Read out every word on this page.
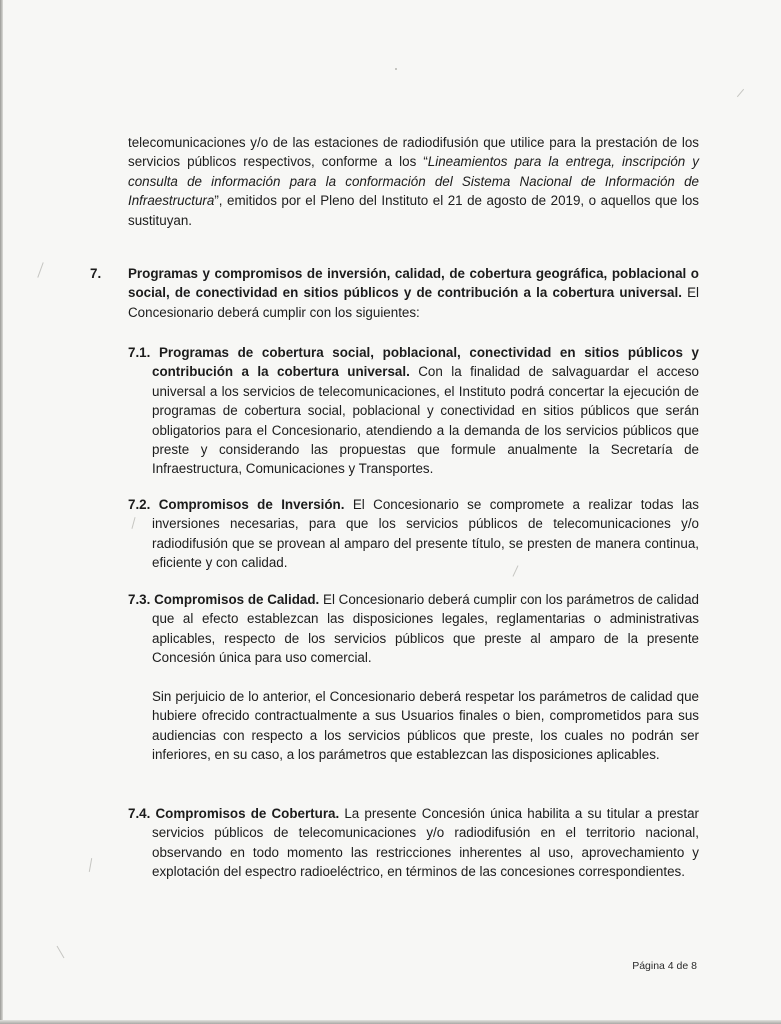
telecomunicaciones y/o de las estaciones de radiodifusión que utilice para la prestación de los servicios públicos respectivos, conforme a los “Lineamientos para la entrega, inscripción y consulta de información para la conformación del Sistema Nacional de Información de Infraestructura”, emitidos por el Pleno del Instituto el 21 de agosto de 2019, o aquellos que los sustituyan.

7. Programas y compromisos de inversión, calidad, de cobertura geográfica, poblacional o social, de conectividad en sitios públicos y de contribución a la cobertura universal. El Concesionario deberá cumplir con los siguientes:

7.1. Programas de cobertura social, poblacional, conectividad en sitios públicos y contribución a la cobertura universal. Con la finalidad de salvaguardar el acceso universal a los servicios de telecomunicaciones, el Instituto podrá concertar la ejecución de programas de cobertura social, poblacional y conectividad en sitios públicos que serán obligatorios para el Concesionario, atendiendo a la demanda de los servicios públicos que preste y considerando las propuestas que formule anualmente la Secretaría de Infraestructura, Comunicaciones y Transportes.

7.2. Compromisos de Inversión. El Concesionario se compromete a realizar todas las inversiones necesarias, para que los servicios públicos de telecomunicaciones y/o radiodifusión que se provean al amparo del presente título, se presten de manera continua, eficiente y con calidad.

7.3. Compromisos de Calidad. El Concesionario deberá cumplir con los parámetros de calidad que al efecto establezcan las disposiciones legales, reglamentarias o administrativas aplicables, respecto de los servicios públicos que preste al amparo de la presente Concesión única para uso comercial.

Sin perjuicio de lo anterior, el Concesionario deberá respetar los parámetros de calidad que hubiere ofrecido contractualmente a sus Usuarios finales o bien, comprometidos para sus audiencias con respecto a los servicios públicos que preste, los cuales no podrán ser inferiores, en su caso, a los parámetros que establezcan las disposiciones aplicables.

7.4. Compromisos de Cobertura. La presente Concesión única habilita a su titular a prestar servicios públicos de telecomunicaciones y/o radiodifusión en el territorio nacional, observando en todo momento las restricciones inherentes al uso, aprovechamiento y explotación del espectro radioeléctrico, en términos de las concesiones correspondientes.

Página 4 de 8
